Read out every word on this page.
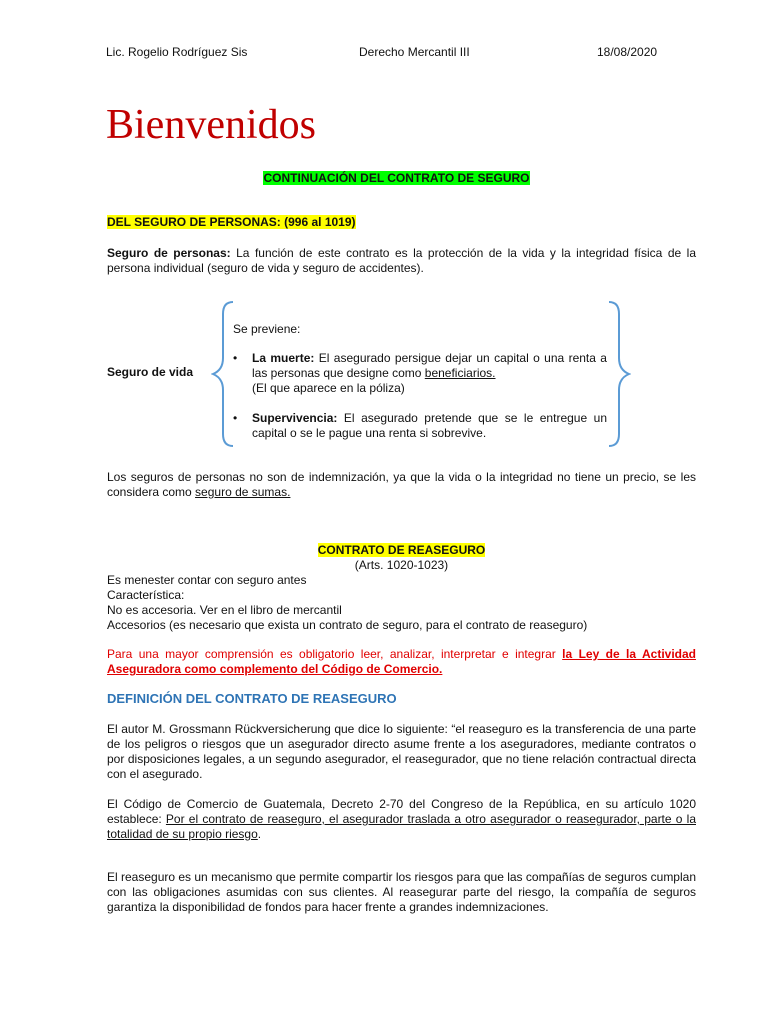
Lic. Rogelio Rodríguez Sis	Derecho Mercantil III	18/08/2020
Bienvenidos
CONTINUACIÓN DEL CONTRATO DE SEGURO
DEL SEGURO DE PERSONAS: (996 al 1019)
Seguro de personas: La función de este contrato es la protección de la vida y la integridad física de la persona individual (seguro de vida y seguro de accidentes).
Seguro de vida
Se previene:
• La muerte: El asegurado persigue dejar un capital o una renta a las personas que designe como beneficiarios.
(El que aparece en la póliza)
• Supervivencia: El asegurado pretende que se le entregue un capital o se le pague una renta si sobrevive.
Los seguros de personas no son de indemnización, ya que la vida o la integridad no tiene un precio, se les considera como seguro de sumas.
CONTRATO DE REASEGURO
(Arts. 1020-1023)
Es menester contar con seguro antes
Característica:
No es accesoria. Ver en el libro de mercantil
Accesorios (es necesario que exista un contrato de seguro, para el contrato de reaseguro)
Para una mayor comprensión es obligatorio leer, analizar, interpretar e integrar la Ley de la Actividad Aseguradora como complemento del Código de Comercio.
DEFINICIÓN DEL CONTRATO DE REASEGURO
El autor M. Grossmann Rückversicherung que dice lo siguiente: “el reaseguro es la transferencia de una parte de los peligros o riesgos que un asegurador directo asume frente a los aseguradores, mediante contratos o por disposiciones legales, a un segundo asegurador, el reasegurador, que no tiene relación contractual directa con el asegurado.
El Código de Comercio de Guatemala, Decreto 2-70 del Congreso de la República, en su artículo 1020 establece: Por el contrato de reaseguro, el asegurador traslada a otro asegurador o reasegurador, parte o la totalidad de su propio riesgo.
El reaseguro es un mecanismo que permite compartir los riesgos para que las compañías de seguros cumplan con las obligaciones asumidas con sus clientes. Al reasegurar parte del riesgo, la compañía de seguros garantiza la disponibilidad de fondos para hacer frente a grandes indemnizaciones.
